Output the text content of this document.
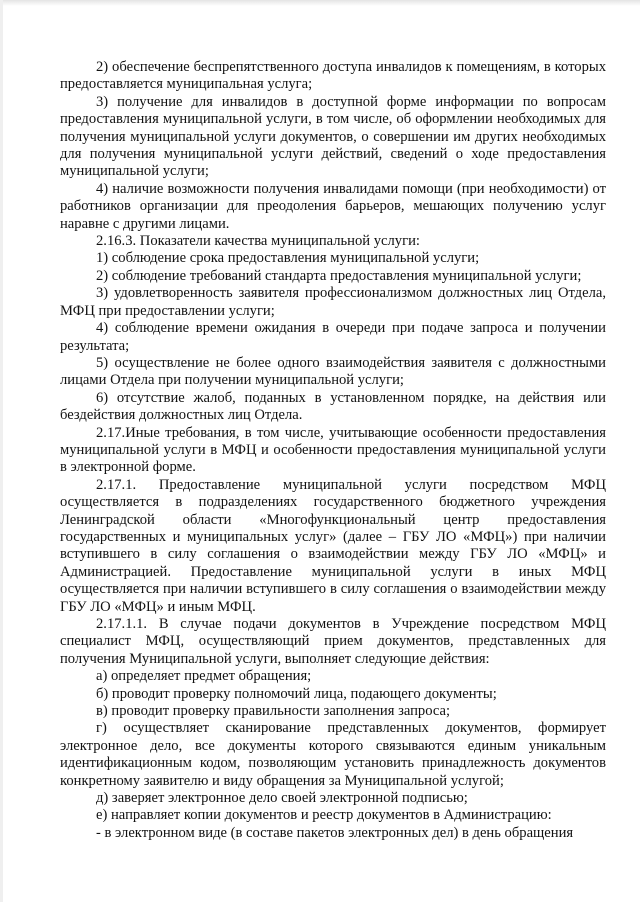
2) обеспечение беспрепятственного доступа инвалидов к помещениям, в которых предоставляется муниципальная услуга;

3) получение для инвалидов в доступной форме информации по вопросам предоставления муниципальной услуги, в том числе, об оформлении необходимых для получения муниципальной услуги документов, о совершении им других необходимых для получения муниципальной услуги действий, сведений о ходе предоставления муниципальной услуги;

4) наличие возможности получения инвалидами помощи (при необходимости) от работников организации для преодоления барьеров, мешающих получению услуг наравне с другими лицами.

2.16.3. Показатели качества муниципальной услуги:

1) соблюдение срока предоставления муниципальной услуги;

2) соблюдение требований стандарта предоставления муниципальной услуги;

3) удовлетворенность заявителя профессионализмом должностных лиц Отдела, МФЦ при предоставлении услуги;

4) соблюдение времени ожидания в очереди при подаче запроса и получении результата;

5) осуществление не более одного взаимодействия заявителя с должностными лицами Отдела при получении муниципальной услуги;

6) отсутствие жалоб, поданных в установленном порядке, на действия или бездействия должностных лиц Отдела.

2.17.Иные требования, в том числе, учитывающие особенности предоставления муниципальной услуги в МФЦ и особенности предоставления муниципальной услуги в электронной форме.

2.17.1. Предоставление муниципальной услуги посредством МФЦ осуществляется в подразделениях государственного бюджетного учреждения Ленинградской области «Многофункциональный центр предоставления государственных и муниципальных услуг» (далее – ГБУ ЛО «МФЦ») при наличии вступившего в силу соглашения о взаимодействии между ГБУ ЛО «МФЦ» и Администрацией. Предоставление муниципальной услуги в иных МФЦ осуществляется при наличии вступившего в силу соглашения о взаимодействии между ГБУ ЛО «МФЦ» и иным МФЦ.

2.17.1.1. В случае подачи документов в Учреждение посредством МФЦ специалист МФЦ, осуществляющий прием документов, представленных для получения Муниципальной услуги, выполняет следующие действия:

а) определяет предмет обращения;

б) проводит проверку полномочий лица, подающего документы;

в) проводит проверку правильности заполнения запроса;

г) осуществляет сканирование представленных документов, формирует электронное дело, все документы которого связываются единым уникальным идентификационным кодом, позволяющим установить принадлежность документов конкретному заявителю и виду обращения за Муниципальной услугой;

д) заверяет электронное дело своей электронной подписью;

е) направляет копии документов и реестр документов в Администрацию:

- в электронном виде (в составе пакетов электронных дел) в день обращения
